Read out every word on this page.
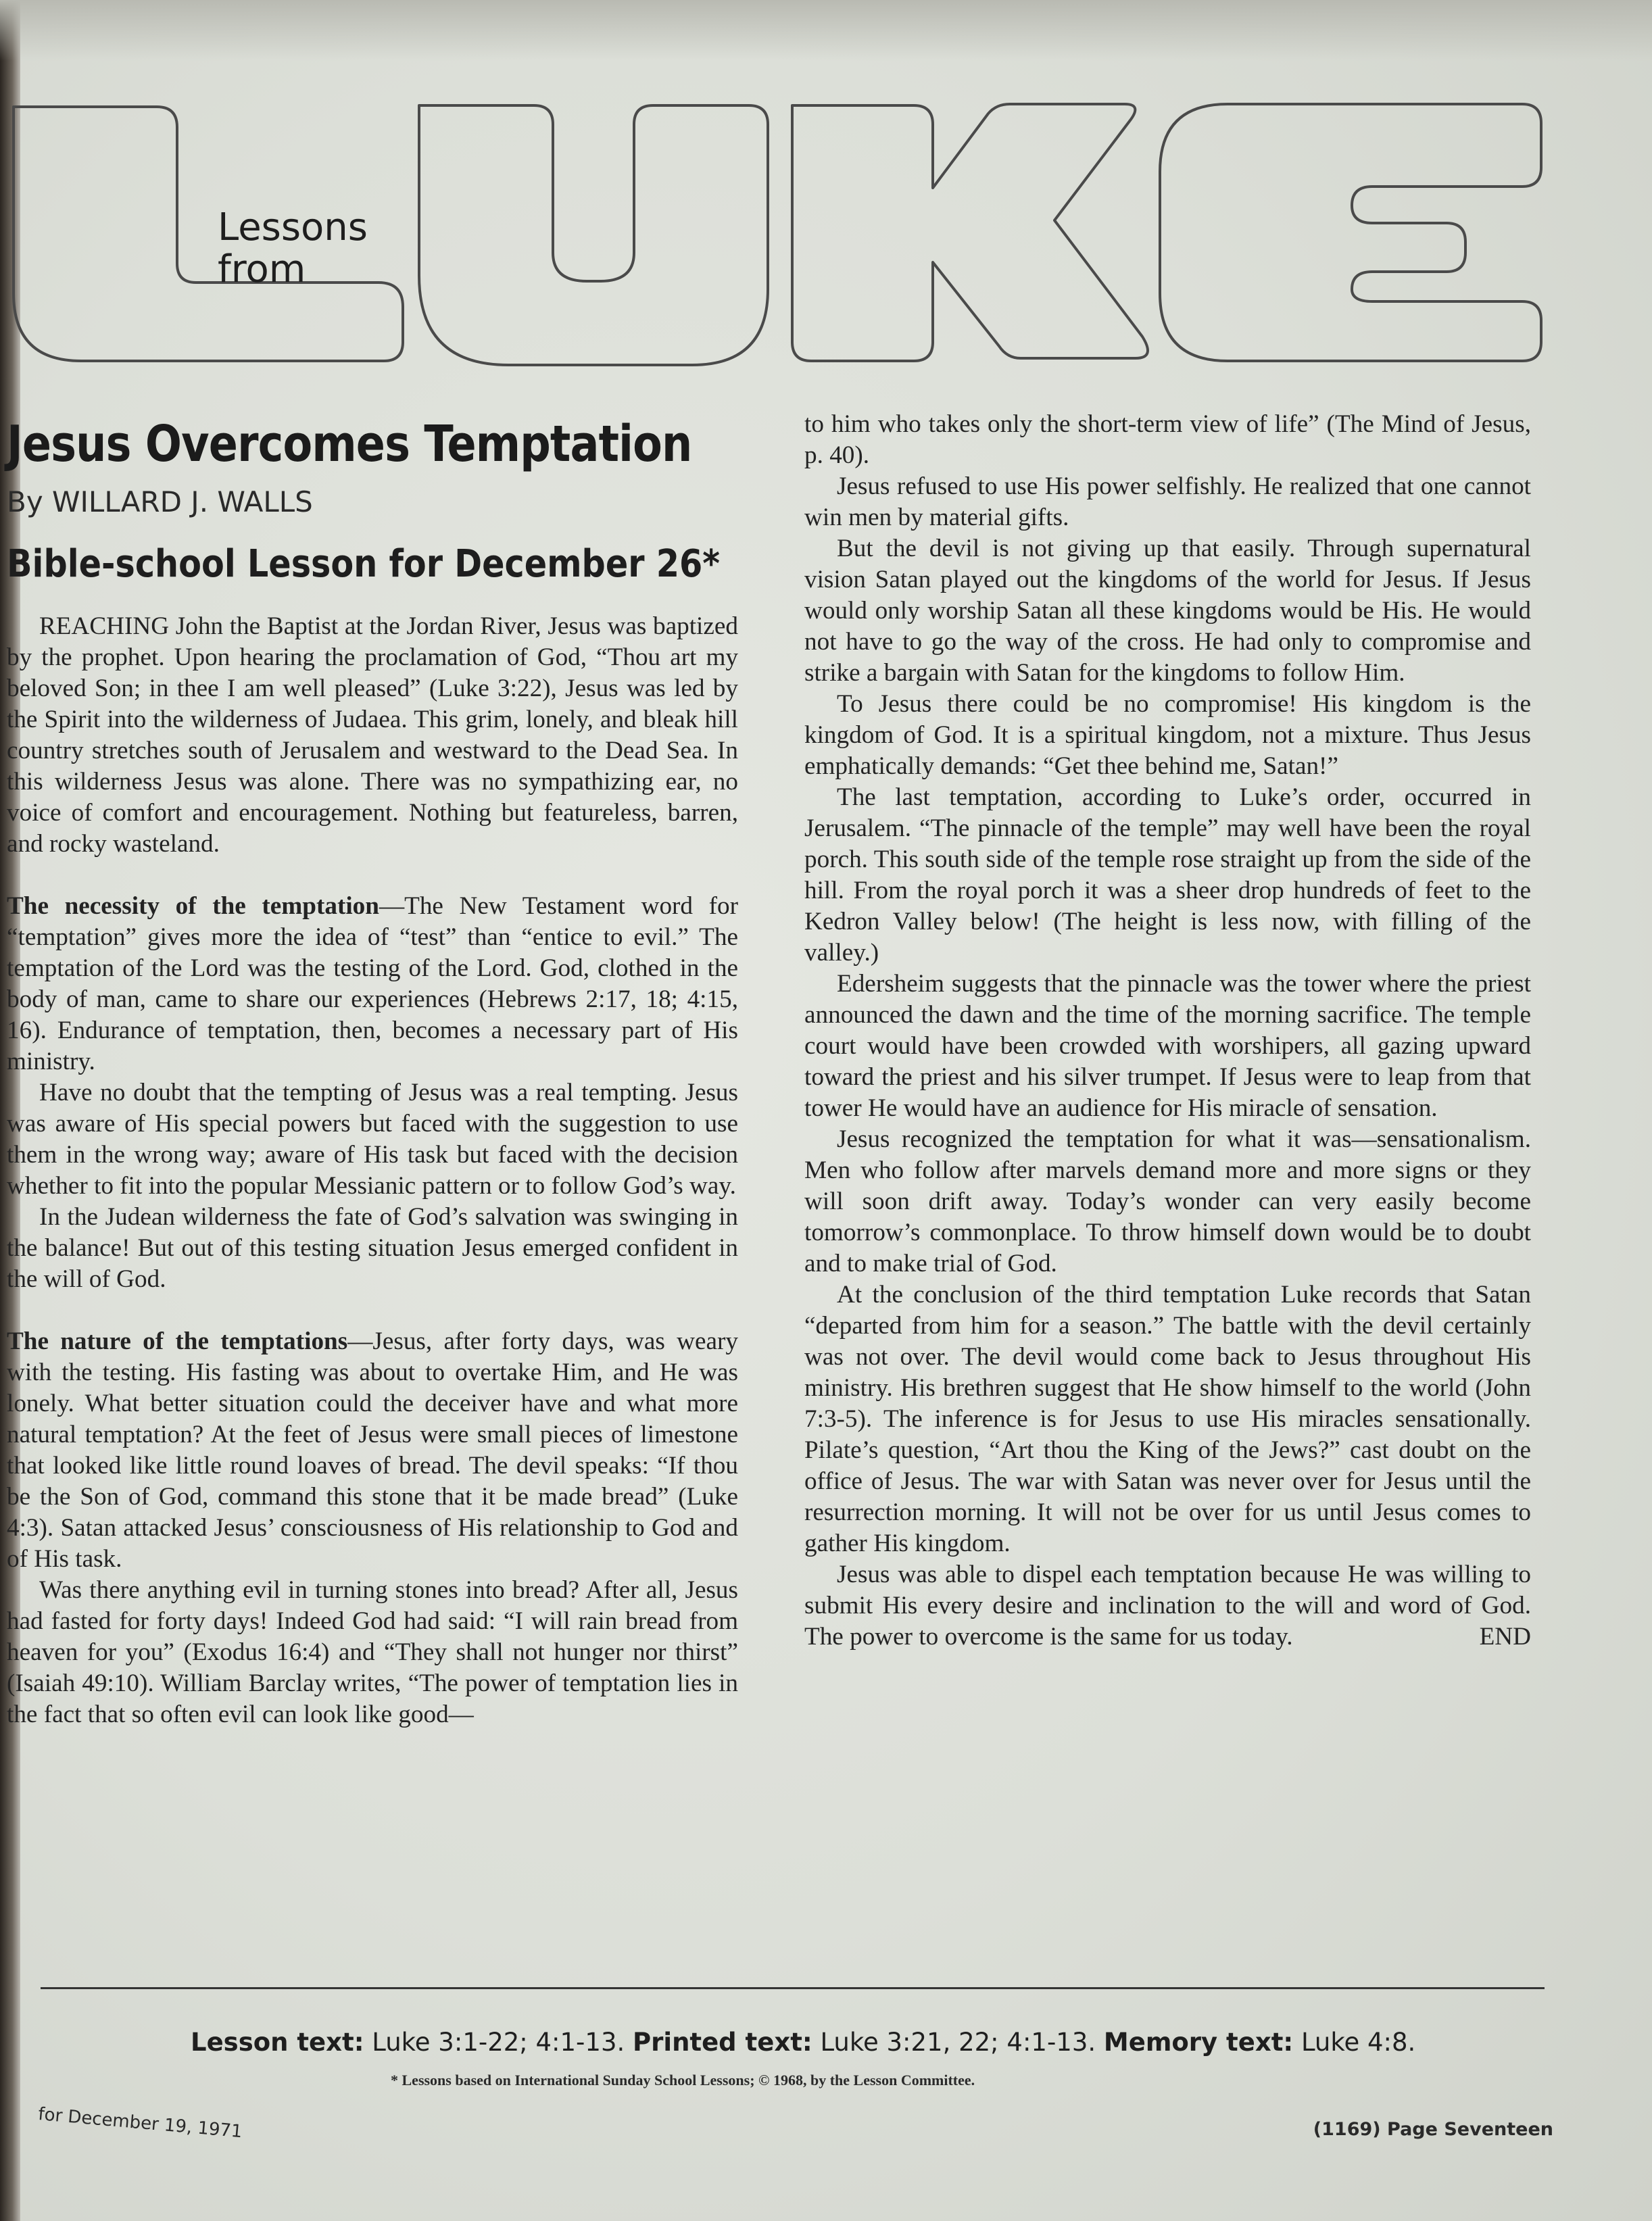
Lessons
from

Jesus Overcomes Temptation

By WILLARD J. WALLS

Bible-school Lesson for December 26*

REACHING John the Baptist at the Jordan River, Jesus was baptized by the prophet. Upon hearing the proclamation of God, “Thou art my beloved Son; in thee I am well pleased” (Luke 3:22), Jesus was led by the Spirit into the wilderness of Judaea. This grim, lonely, and bleak hill country stretches south of Jerusalem and westward to the Dead Sea. In this wilderness Jesus was alone. There was no sympathizing ear, no voice of comfort and encouragement. Nothing but featureless, barren, and rocky wasteland.

The necessity of the temptation—The New Testament word for “temptation” gives more the idea of “test” than “entice to evil.” The temptation of the Lord was the testing of the Lord. God, clothed in the body of man, came to share our experiences (Hebrews 2:17, 18; 4:15, 16). Endurance of temptation, then, becomes a necessary part of His ministry.

Have no doubt that the tempting of Jesus was a real tempting. Jesus was aware of His special powers but faced with the suggestion to use them in the wrong way; aware of His task but faced with the decision whether to fit into the popular Messianic pattern or to follow God’s way.

In the Judean wilderness the fate of God’s salvation was swinging in the balance! But out of this testing situation Jesus emerged confident in the will of God.

The nature of the temptations—Jesus, after forty days, was weary with the testing. His fasting was about to overtake Him, and He was lonely. What better situation could the deceiver have and what more natural temptation? At the feet of Jesus were small pieces of limestone that looked like little round loaves of bread. The devil speaks: “If thou be the Son of God, command this stone that it be made bread” (Luke 4:3). Satan attacked Jesus’ consciousness of His relationship to God and of His task.

Was there anything evil in turning stones into bread? After all, Jesus had fasted for forty days! Indeed God had said: “I will rain bread from heaven for you” (Exodus 16:4) and “They shall not hunger nor thirst” (Isaiah 49:10). William Barclay writes, “The power of temptation lies in the fact that so often evil can look like good—

to him who takes only the short-term view of life” (The Mind of Jesus, p. 40).

Jesus refused to use His power selfishly. He realized that one cannot win men by material gifts.

But the devil is not giving up that easily. Through supernatural vision Satan played out the kingdoms of the world for Jesus. If Jesus would only worship Satan all these kingdoms would be His. He would not have to go the way of the cross. He had only to compromise and strike a bargain with Satan for the kingdoms to follow Him.

To Jesus there could be no compromise! His kingdom is the kingdom of God. It is a spiritual kingdom, not a mixture. Thus Jesus emphatically demands: “Get thee behind me, Satan!”

The last temptation, according to Luke’s order, occurred in Jerusalem. “The pinnacle of the temple” may well have been the royal porch. This south side of the temple rose straight up from the side of the hill. From the royal porch it was a sheer drop hundreds of feet to the Kedron Valley below! (The height is less now, with filling of the valley.)

Edersheim suggests that the pinnacle was the tower where the priest announced the dawn and the time of the morning sacrifice. The temple court would have been crowded with worshipers, all gazing upward toward the priest and his silver trumpet. If Jesus were to leap from that tower He would have an audience for His miracle of sensation.

Jesus recognized the temptation for what it was—sensationalism. Men who follow after marvels demand more and more signs or they will soon drift away. Today’s wonder can very easily become tomorrow’s commonplace. To throw himself down would be to doubt and to make trial of God.

At the conclusion of the third temptation Luke records that Satan “departed from him for a season.” The battle with the devil certainly was not over. The devil would come back to Jesus throughout His ministry. His brethren suggest that He show himself to the world (John 7:3-5). The inference is for Jesus to use His miracles sensationally. Pilate’s question, “Art thou the King of the Jews?” cast doubt on the office of Jesus. The war with Satan was never over for Jesus until the resurrection morning. It will not be over for us until Jesus comes to gather His kingdom.

Jesus was able to dispel each temptation because He was willing to submit His every desire and inclination to the will and word of God. The power to overcome is the same for us today.	END

Lesson text: Luke 3:1-22; 4:1-13. Printed text: Luke 3:21, 22; 4:1-13. Memory text: Luke 4:8.
* Lessons based on International Sunday School Lessons; © 1968, by the Lesson Committee.
for December 19, 1971	(1169) Page Seventeen
